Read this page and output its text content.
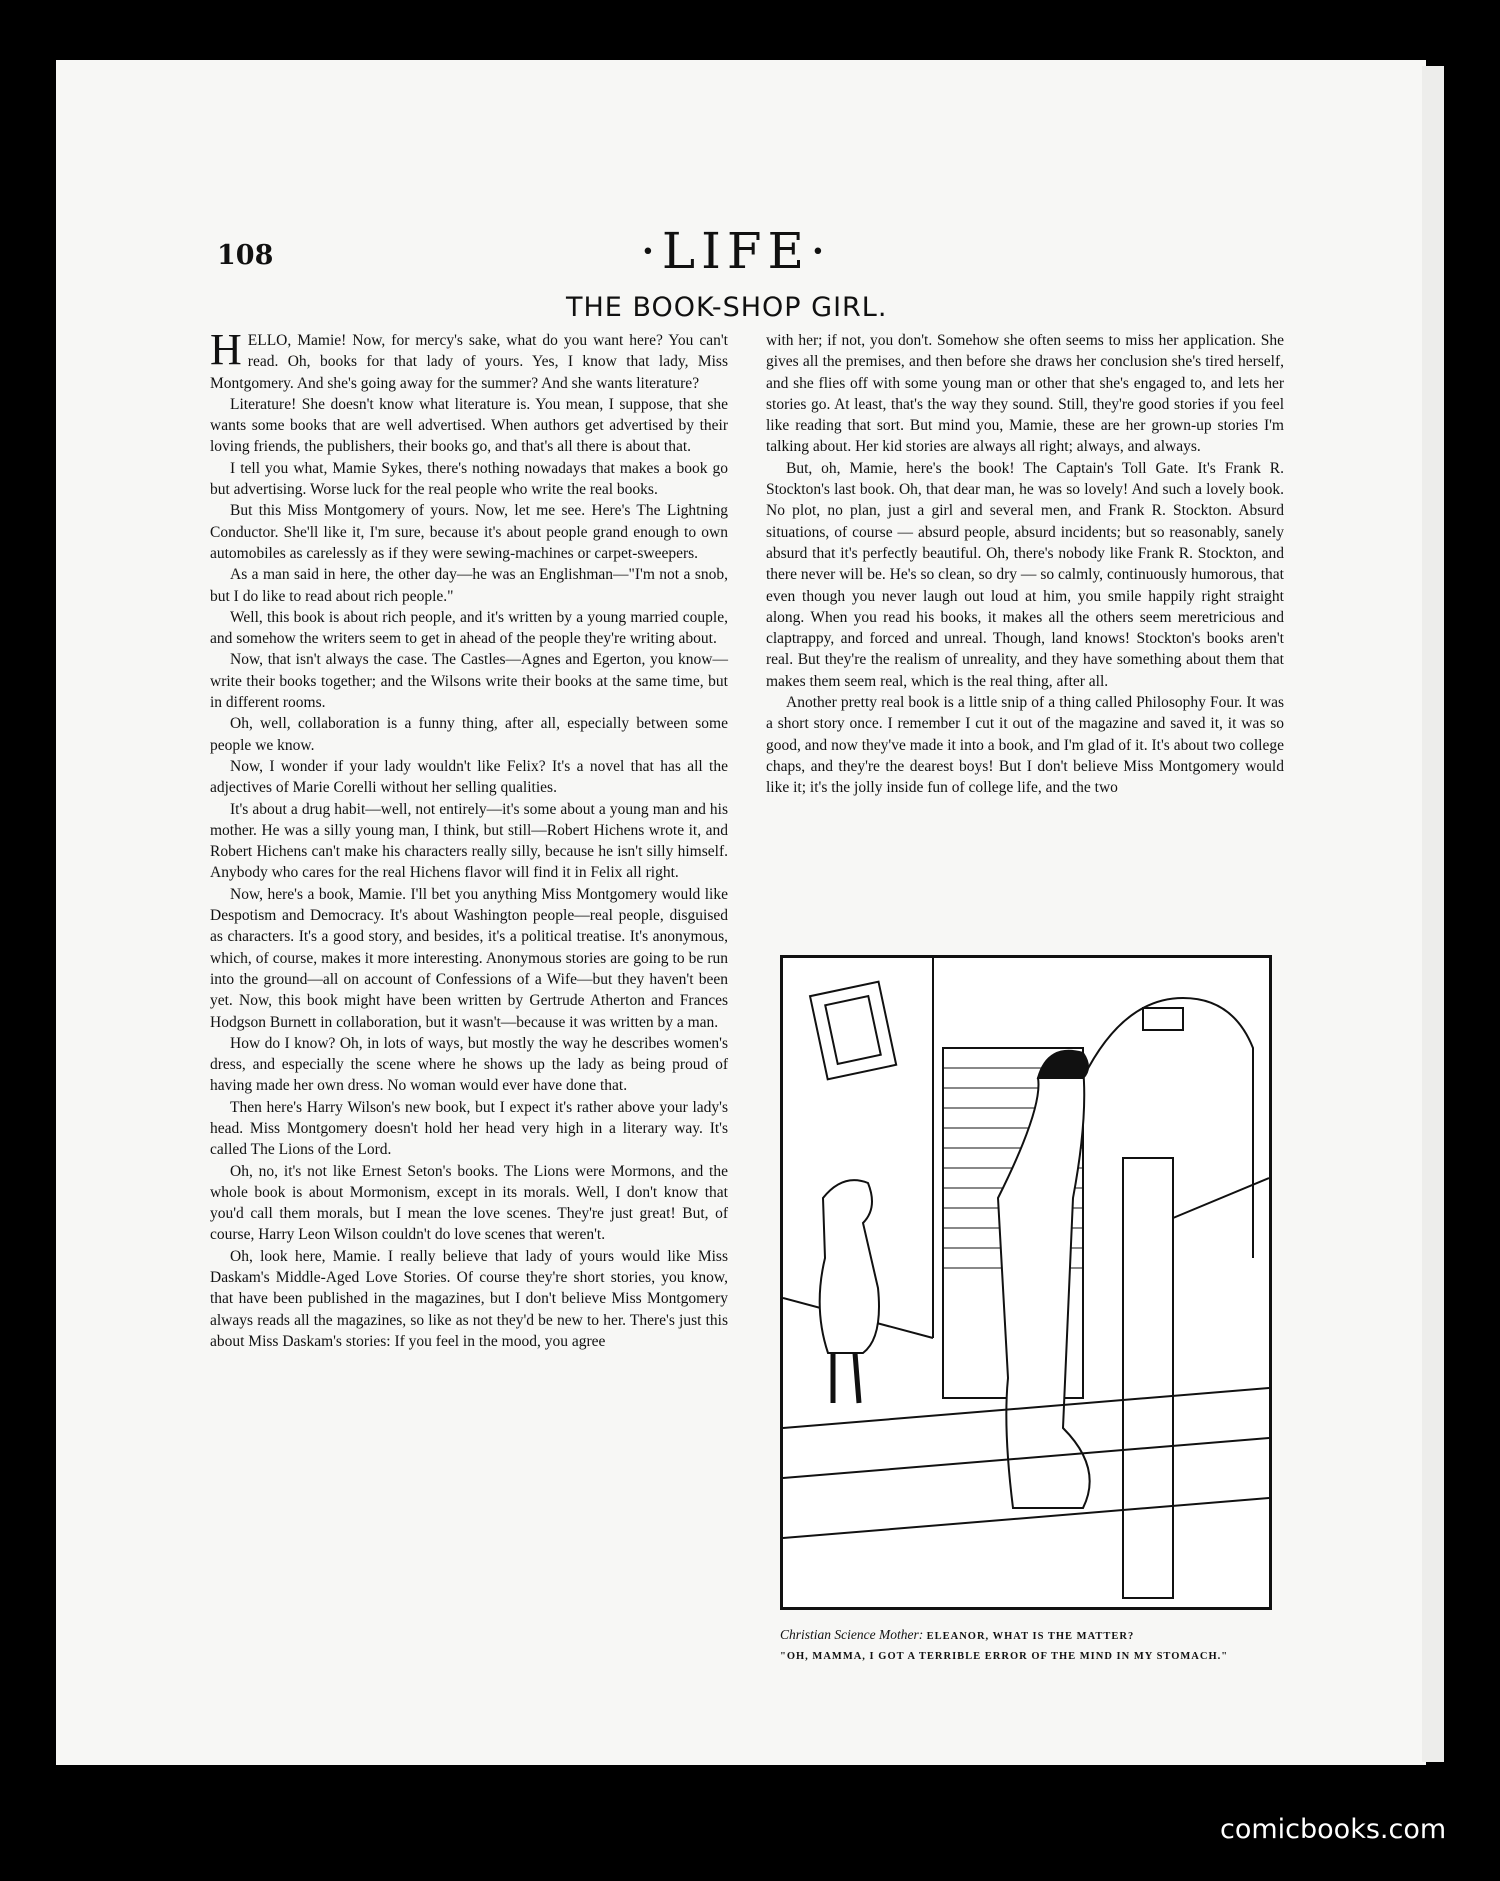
108	·LIFE·
THE BOOK-SHOP GIRL.

HELLO, Mamie! Now, for mercy's sake, what do you want here? You can't read. Oh, books for that lady of yours. Yes, I know that lady, Miss Montgomery. And she's going away for the summer? And she wants literature?

Literature! She doesn't know what literature is. You mean, I suppose, that she wants some books that are well advertised. When authors get advertised by their loving friends, the publishers, their books go, and that's all there is about that.

I tell you what, Mamie Sykes, there's nothing nowadays that makes a book go but advertising. Worse luck for the real people who write the real books.

But this Miss Montgomery of yours. Now, let me see. Here's The Lightning Conductor. She'll like it, I'm sure, because it's about people grand enough to own automobiles as carelessly as if they were sewing-machines or carpet-sweepers.

As a man said in here, the other day—he was an Englishman—"I'm not a snob, but I do like to read about rich people."

Well, this book is about rich people, and it's written by a young married couple, and somehow the writers seem to get in ahead of the people they're writing about.

Now, that isn't always the case. The Castles—Agnes and Egerton, you know—write their books together; and the Wilsons write their books at the same time, but in different rooms.

Oh, well, collaboration is a funny thing, after all, especially between some people we know.

Now, I wonder if your lady wouldn't like Felix? It's a novel that has all the adjectives of Marie Corelli without her selling qualities.

It's about a drug habit—well, not entirely—it's some about a young man and his mother. He was a silly young man, I think, but still—Robert Hichens wrote it, and Robert Hichens can't make his characters really silly, because he isn't silly himself. Anybody who cares for the real Hichens flavor will find it in Felix all right.

Now, here's a book, Mamie. I'll bet you anything Miss Montgomery would like Despotism and Democracy. It's about Washington people—real people, disguised as characters. It's a good story, and besides, it's a political treatise. It's anonymous, which, of course, makes it more interesting. Anonymous stories are going to be run into the ground—all on account of Confessions of a Wife—but they haven't been yet. Now, this book might have been written by Gertrude Atherton and Frances Hodgson Burnett in collaboration, but it wasn't—because it was written by a man.

How do I know? Oh, in lots of ways, but mostly the way he describes women's dress, and especially the scene where he shows up the lady as being proud of having made her own dress. No woman would ever have done that.

Then here's Harry Wilson's new book, but I expect it's rather above your lady's head. Miss Montgomery doesn't hold her head very high in a literary way. It's called The Lions of the Lord.

Oh, no, it's not like Ernest Seton's books. The Lions were Mormons, and the whole book is about Mormonism, except in its morals. Well, I don't know that you'd call them morals, but I mean the love scenes. They're just great! But, of course, Harry Leon Wilson couldn't do love scenes that weren't.

Oh, look here, Mamie. I really believe that lady of yours would like Miss Daskam's Middle-Aged Love Stories. Of course they're short stories, you know, that have been published in the magazines, but I don't believe Miss Montgomery always reads all the magazines, so like as not they'd be new to her. There's just this about Miss Daskam's stories: If you feel in the mood, you agree

with her; if not, you don't. Somehow she often seems to miss her application. She gives all the premises, and then before she draws her conclusion she's tired herself, and she flies off with some young man or other that she's engaged to, and lets her stories go. At least, that's the way they sound. Still, they're good stories if you feel like reading that sort. But mind you, Mamie, these are her grown-up stories I'm talking about. Her kid stories are always all right; always, and always.

But, oh, Mamie, here's the book! The Captain's Toll Gate. It's Frank R. Stockton's last book. Oh, that dear man, he was so lovely! And such a lovely book. No plot, no plan, just a girl and several men, and Frank R. Stockton. Absurd situations, of course — absurd people, absurd incidents; but so reasonably, sanely absurd that it's perfectly beautiful. Oh, there's nobody like Frank R. Stockton, and there never will be. He's so clean, so dry — so calmly, continuously humorous, that even though you never laugh out loud at him, you smile happily right straight along. When you read his books, it makes all the others seem meretricious and claptrappy, and forced and unreal. Though, land knows! Stockton's books aren't real. But they're the realism of unreality, and they have something about them that makes them seem real, which is the real thing, after all.

Another pretty real book is a little snip of a thing called Philosophy Four. It was a short story once. I remember I cut it out of the magazine and saved it, it was so good, and now they've made it into a book, and I'm glad of it. It's about two college chaps, and they're the dearest boys! But I don't believe Miss Montgomery would like it; it's the jolly inside fun of college life, and the two

Christian Science Mother: ELEANOR, WHAT IS THE MATTER?
"OH, MAMMA, I GOT A TERRIBLE ERROR OF THE MIND IN MY STOMACH."
comicbooks.com
